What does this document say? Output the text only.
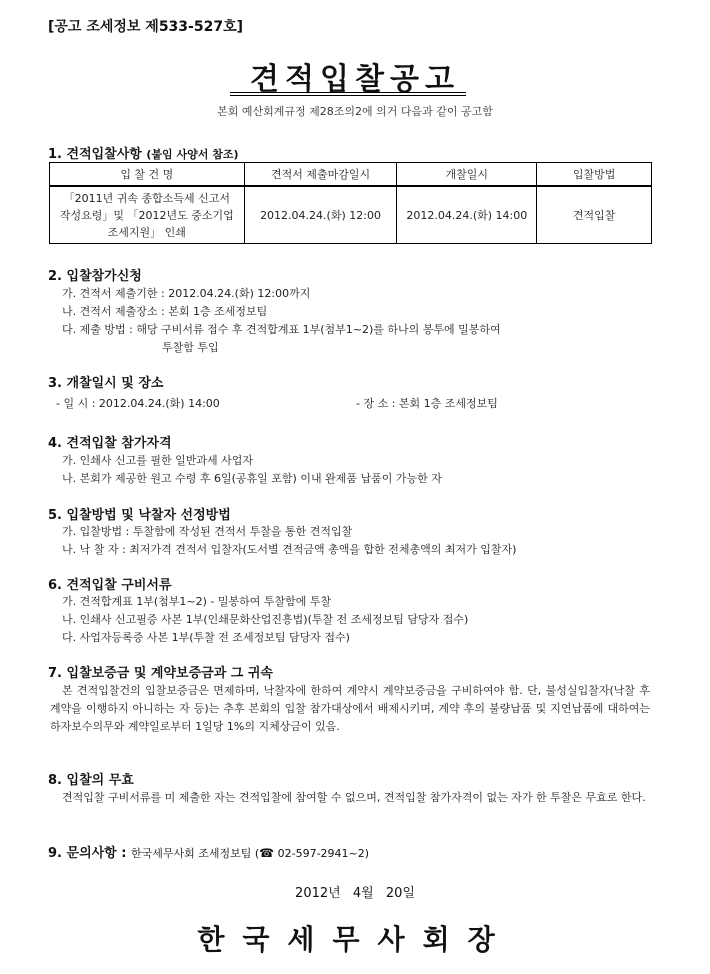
[공고 조세정보 제533-527호]
견적입찰공고
본회 예산회계규정 제28조의2에 의거 다음과 같이 공고함
1. 견적입찰사항 (붙임 사양서 참조)
입 찰 건 명	견적서 제출마감일시	개찰일시	입찰방법

「2011년 귀속 종합소득세 신고서
작성요령」및 「2012년도 중소기업
조세지원」 인쇄	2012.04.24.(화) 12:00	2012.04.24.(화) 14:00	견적입찰
2. 입찰참가신청
가. 견적서 제출기한 : 2012.04.24.(화) 12:00까지
나. 견적서 제출장소 : 본회 1층 조세정보팀
다. 제출 방법 : 해당 구비서류 접수 후 견적합계표 1부(첨부1~2)를 하나의 봉투에 밀봉하여
투찰함 투입
3. 개찰일시 및 장소
- 일 시 : 2012.04.24.(화) 14:00	- 장 소 : 본회 1층 조세정보팀
4. 견적입찰 참가자격
가. 인쇄사 신고를 필한 일반과세 사업자
나. 본회가 제공한 원고 수령 후 6일(공휴일 포함) 이내 완제품 납품이 가능한 자
5. 입찰방법 및 낙찰자 선정방법
가. 입찰방법 : 투찰함에 작성된 견적서 투찰을 통한 견적입찰
나. 낙 찰 자 : 최저가격 견적서 입찰자(도서별 견적금액 총액을 합한 전체총액의 최저가 입찰자)
6. 견적입찰 구비서류
가. 견적합계표 1부(첨부1~2) - 밀봉하여 투찰함에 투찰
나. 인쇄사 신고필증 사본 1부(인쇄문화산업진흥법)(투찰 전 조세정보팀 담당자 접수)
다. 사업자등록증 사본 1부(투찰 전 조세정보팀 담당자 접수)
7. 입찰보증금 및 계약보증금과 그 귀속
본 견적입찰건의 입찰보증금은 면제하며, 낙찰자에 한하여 계약시 계약보증금을 구비하여야 함. 단, 불성실입찰자(낙찰 후 계약을 이행하지 아니하는 자 등)는 추후 본회의 입찰 참가대상에서 배제시키며, 계약 후의 불량납품 및 지연납품에 대하여는 하자보수의무와 계약일로부터 1일당 1%의 지체상금이 있음.
8. 입찰의 무효
견적입찰 구비서류를 미 제출한 자는 견적입찰에 참여할 수 없으며, 견적입찰 참가자격이 없는 자가 한 투찰은 무효로 한다.
9. 문의사항 : 한국세무사회 조세정보팀 (☎ 02-597-2941~2)
2012년 4월 20일
한국세무사회장
